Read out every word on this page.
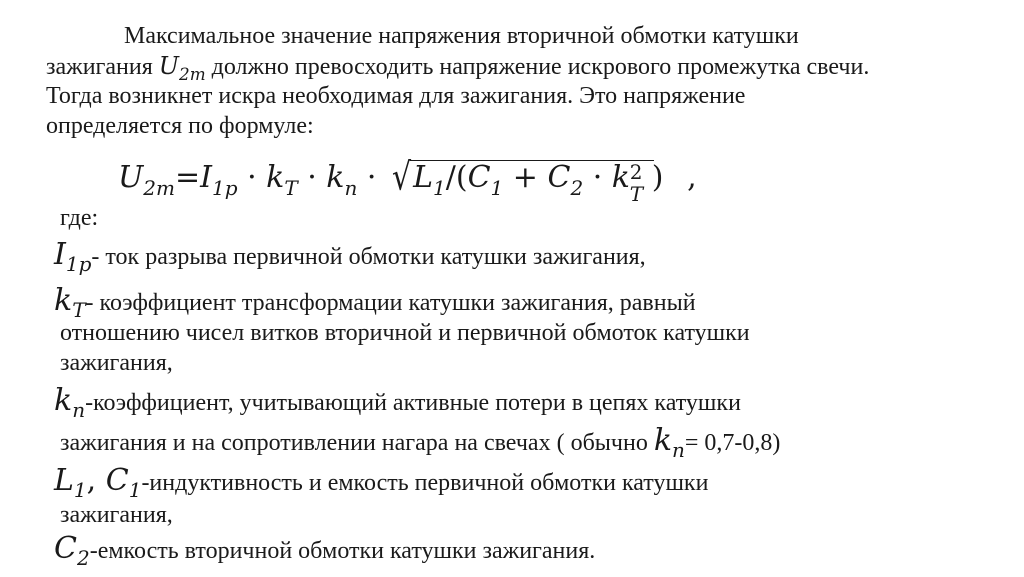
Максимальное значение напряжения вторичной обмотки катушки
зажигания $U_{2m}$ должно превосходить напряжение искрового промежутка свечи.
Тогда возникнет искра необходимая для зажигания. Это напряжение
определяется по формуле:
$U_{2m}=I_{1p} \cdot k_T \cdot k_n$ ·
$√L_1/(C_1 + C_2 \cdot k$ 2
T ) ,
где:
$I_{1p}-$ ток разрыва первичной обмотки катушки зажигания,
$k_T-$ коэффициент трансформации катушки зажигания, равный
отношению чисел витков вторичной и первичной обмоток катушки
зажигания,
$k_n$-коэффициент, учитывающий активные потери в цепях катушки
зажигания и на сопротивлении нагара на свечах ( обычно $k_n= 0,7-0,8$)
$L_1$, $C_1$-индуктивность и емкость первичной обмотки катушки
зажигания,
$C_2$-емкость вторичной обмотки катушки зажигания.
